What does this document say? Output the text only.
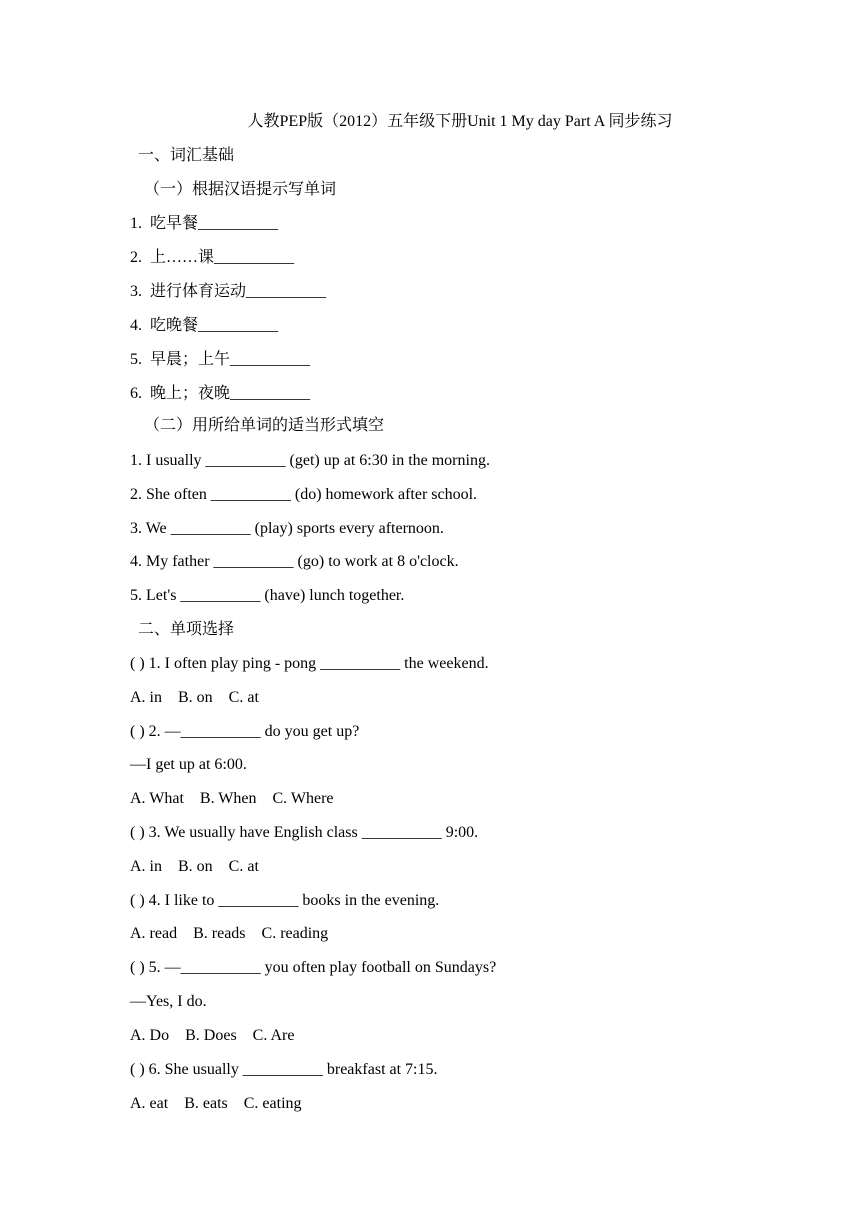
人教PEP版（2012）五年级下册Unit 1 My day Part A 同步练习
一、词汇基础
（一）根据汉语提示写单词
1.  吃早餐__________
2.  上……课__________
3.  进行体育运动__________
4.  吃晚餐__________
5.  早晨；上午__________
6.  晚上；夜晚__________
（二）用所给单词的适当形式填空
1. I usually __________ (get) up at 6:30 in the morning.
2. She often __________ (do) homework after school.
3. We __________ (play) sports every afternoon.
4. My father __________ (go) to work at 8 o'clock.
5. Let's __________ (have) lunch together.
二、单项选择
( ) 1. I often play ping - pong __________ the weekend.
A. in    B. on    C. at
( ) 2. —__________ do you get up?
—I get up at 6:00.
A. What    B. When    C. Where
( ) 3. We usually have English class __________ 9:00.
A. in    B. on    C. at
( ) 4. I like to __________ books in the evening.
A. read    B. reads    C. reading
( ) 5. —__________ you often play football on Sundays?
—Yes, I do.
A. Do    B. Does    C. Are
( ) 6. She usually __________ breakfast at 7:15.
A. eat    B. eats    C. eating
